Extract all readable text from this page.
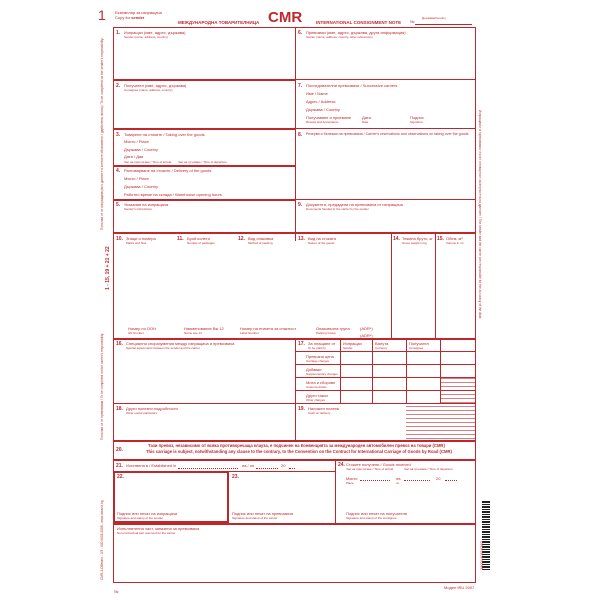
1 Екземпляр за изпращача
Copy for sender	CMR
МЕЖДУНАРОДНА ТОВАРИТЕЛНИЦА	INTERNATIONAL CONSIGNMENT NOTE №
Държава/Country
1. Изпращач (име, адрес, държава)
Sender (name, address, country)
2. Получател (име, адрес, държава)
Consignee (name, address, country)
3. Товарене на стоките / Taking over the goods
Място / Place
Държава / Country
Дата / Дая
Час на пристигане / Time of arrival Час на тръгване / Time of departure
4. Разтоварване на стоките / Delivery of the goods
Място / Place
Държава / Country
Работно време на склада / Warehouse opening hours
5. Указания на изпращача
Sender's instructions
6. Превозвач (име, адрес, държава, друга информация)
Carrier (name, address, country, other references)
7. Последователни превозвачи / Successive carriers
Име / Name
Адрес / Address
Държава / Country
Получаване и приемане
Receipt and Acceptance
Дата
Date
Подпис
Signature
8. Резерви и бележки на превозвача / Carrier's reservations and observations on taking over the goods
9. Документи, предадени на превозвача от изпращача
Documents handed to the carrier by the sender
10. Знаци и номера
Marks and Nos
11. Брой колети
Number of packages
12. Вид опаковка
Method of packing
13. Вид на стоката
Nature of the goods
14. Тежина бруто, кг
Gross weight in kg
15. Обем, м³
Volume in m³
Номер по ООН
UN Number
Наименование Вж 12
Name see 13
Номер на етикета за опасност
Label Number
Опаковъчна група
Packing Group
(ADR*)
(ADR*)
16. Специални споразумения между изпращача и превозвача
Special agreements between the sender and the carrier
17. За плащане от
To be paid by
Изпращач
Sender
Валута
Currency
Получател
Consignee
Превозна цена
Carriage charges
Добавки
Supplementary charges
Мита и сборове
Customs duties
Други такси
Other charges
18. Други полезни подробности
Other useful particulars
19. Наложен платеж
Cash on delivery
20.
Тази превоз, независимо от всяка противоречаща клауза, е подчинен на Конвенцията за международен автомобилен превоз на товари (CMR)
This carriage is subject, notwithstanding any clause to the contrary, to the Convention on the Contract for International Carriage of Goods by Road (CMR)
21. Изготвена в / Established in	на / on	20
22.
Подпис или печат на изпращача
Signature and stamp of the sender
23.
Подпис или печат на превозвача
Signature and stamp of the carrier
24. Стоките получени / Goods received
Час на пристигане / Time of arrival	Час на тръгване / Time of departure
Място
Place
на
on
20
Подпис или печат на получателя
Signature and stamp of the consignee
Изпълнителна част, запазена за превозвача
Non-contractual part reserved for the carrier
Попълва се от изпращача (вкл. данните в клетките обозначени с удебелена линия) / To be completed on the sender's responsibility
1 - 15, 19 + 21 + 22
Попълва се от превозвача / To be completed on the carrier's responsibility
CMR-1-Обемно - 2/3 - ISO 9001:2008 - www.obrazci.bg
Изпращачът и превозвачът носят отговорност за верността на данните / The sender and the carrier are responsible for the accuracy of the data
3800140516382
№
Модел IRU 2007
